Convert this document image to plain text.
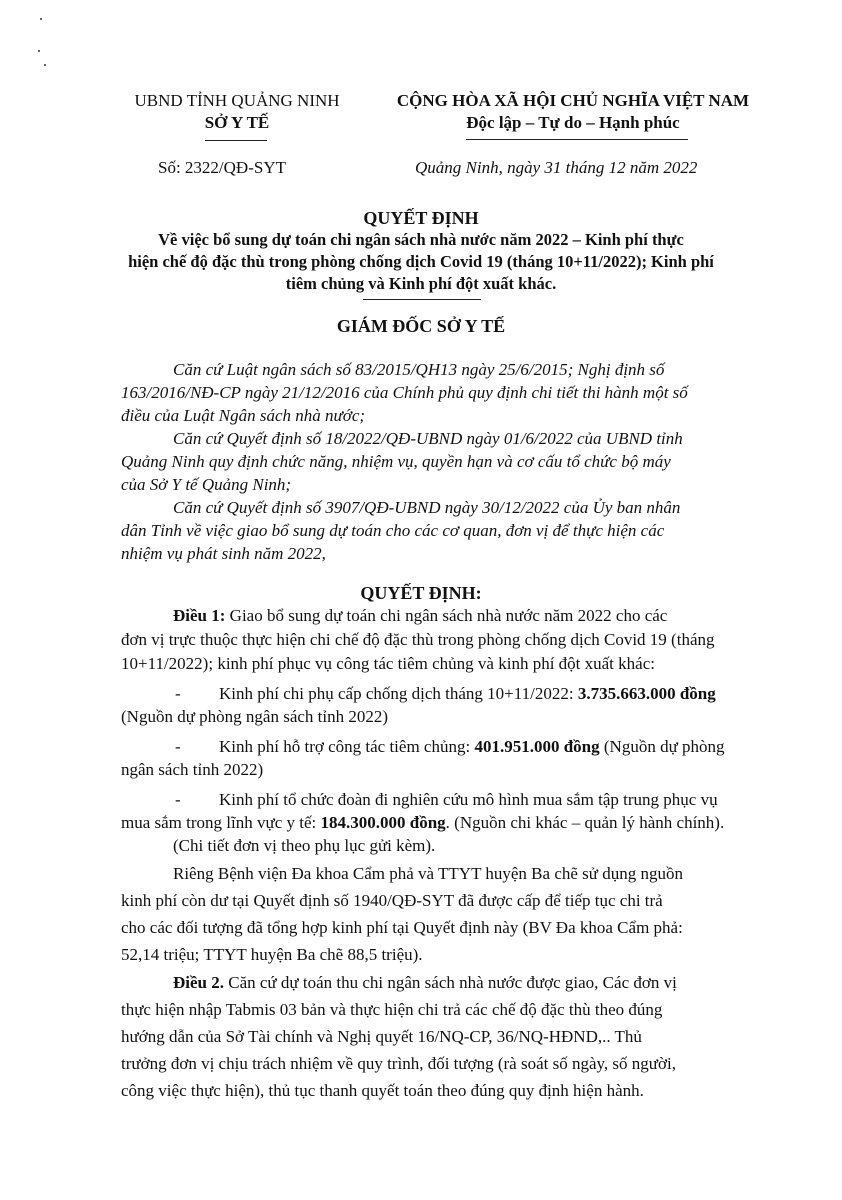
UBND TỈNH QUẢNG NINH
SỞ Y TẾ
Số: 2322/QĐ-SYT
CỘNG HÒA XÃ HỘI CHỦ NGHĨA VIỆT NAM
Độc lập – Tự do – Hạnh phúc
Quảng Ninh, ngày 31 tháng 12 năm 2022
QUYẾT ĐỊNH
Về việc bổ sung dự toán chi ngân sách nhà nước năm 2022 – Kinh phí thực
hiện chế độ đặc thù trong phòng chống dịch Covid 19 (tháng 10+11/2022); Kinh phí
tiêm chủng và Kinh phí đột xuất khác.
GIÁM ĐỐC SỞ Y TẾ
Căn cứ Luật ngân sách số 83/2015/QH13 ngày 25/6/2015; Nghị định số
163/2016/NĐ-CP ngày 21/12/2016 của Chính phủ quy định chi tiết thi hành một số
điều của Luật Ngân sách nhà nước;
Căn cứ Quyết định số 18/2022/QĐ-UBND ngày 01/6/2022 của UBND tỉnh
Quảng Ninh quy định chức năng, nhiệm vụ, quyền hạn và cơ cấu tổ chức bộ máy
của Sở Y tế Quảng Ninh;
Căn cứ Quyết định số 3907/QĐ-UBND ngày 30/12/2022 của Ủy ban nhân
dân Tỉnh về việc giao bổ sung dự toán cho các cơ quan, đơn vị để thực hiện các
nhiệm vụ phát sinh năm 2022,
QUYẾT ĐỊNH:
Điều 1: Giao bổ sung dự toán chi ngân sách nhà nước năm 2022 cho các
đơn vị trực thuộc thực hiện chi chế độ đặc thù trong phòng chống dịch Covid 19 (tháng
10+11/2022); kinh phí phục vụ công tác tiêm chủng và kinh phí đột xuất khác:
- Kinh phí chi phụ cấp chống dịch tháng 10+11/2022: 3.735.663.000 đồng
(Nguồn dự phòng ngân sách tỉnh 2022)
- Kinh phí hỗ trợ công tác tiêm chủng: 401.951.000 đồng (Nguồn dự phòng
ngân sách tỉnh 2022)
- Kinh phí tổ chức đoàn đi nghiên cứu mô hình mua sắm tập trung phục vụ
mua sắm trong lĩnh vực y tế: 184.300.000 đồng. (Nguồn chi khác – quản lý hành chính).
(Chi tiết đơn vị theo phụ lục gửi kèm).
Riêng Bệnh viện Đa khoa Cẩm phả và TTYT huyện Ba chẽ sử dụng nguồn
kinh phí còn dư tại Quyết định số 1940/QĐ-SYT đã được cấp để tiếp tục chi trả
cho các đối tượng đã tổng hợp kinh phí tại Quyết định này (BV Đa khoa Cẩm phả:
52,14 triệu; TTYT huyện Ba chẽ 88,5 triệu).
Điều 2. Căn cứ dự toán thu chi ngân sách nhà nước được giao, Các đơn vị
thực hiện nhập Tabmis 03 bản và thực hiện chi trả các chế độ đặc thù theo đúng
hướng dẫn của Sở Tài chính và Nghị quyết 16/NQ-CP, 36/NQ-HĐND,.. Thủ
trưởng đơn vị chịu trách nhiệm về quy trình, đối tượng (rà soát số ngày, số người,
công việc thực hiện), thủ tục thanh quyết toán theo đúng quy định hiện hành.
